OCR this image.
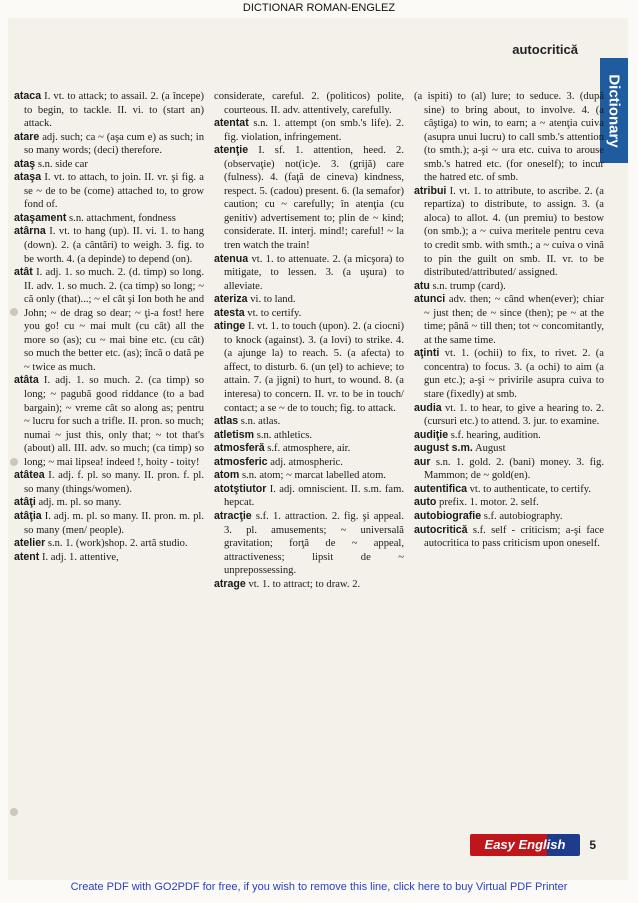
DICTIONAR ROMAN-ENGLEZ
autocritică
Dictionary

ataca I. vt. to attack; to assail. 2. (a începe) to begin, to tackle. II. vi. to (start an) attack.

atare adj. such; ca ~ (aşa cum e) as such; in so many words; (deci) therefore.

ataş s.n. side car

ataşa I. vt. to attach, to join. II. vr. şi fig. a se ~ de to be (come) attached to, to grow fond of.

ataşament s.n. attachment, fondness

atârna I. vt. to hang (up). II. vi. 1. to hang (down). 2. (a cântări) to weigh. 3. fig. to be worth. 4. (a depinde) to depend (on).

atât I. adj. 1. so much. 2. (d. timp) so long. II. adv. 1. so much. 2. (ca timp) so long; ~ că only (that)...; ~ el cât şi Ion both he and John; ~ de drag so dear; ~ ţi-a fost! here you go! cu ~ mai mult (cu cât) all the more so (as); cu ~ mai bine etc. (cu cât) so much the better etc. (as); încă o dată pe ~ twice as much.

atâta I. adj. 1. so much. 2. (ca timp) so long; ~ pagubă good riddance (to a bad bargain); ~ vreme cât so along as; pentru ~ lucru for such a trifle. II. pron. so much; numai ~ just this, only that; ~ tot that's (about) all. III. adv. so much; (ca timp) so long; ~ mai lipsea! indeed !, hoity - toity!

atâtea I. adj. f. pl. so many. II. pron. f. pl. so many (things/women).

atâţi adj. m. pl. so many.

atâţia I. adj. m. pl. so many. II. pron. m. pl. so many (men/ people).

atelier s.n. 1. (work)shop. 2. artă studio.

atent I. adj. 1. attentive,

considerate, careful. 2. (politicos) polite, courteous. II. adv. attentively, carefully.

atentat s.n. 1. attempt (on smb.'s life). 2. fig. violation, infringement.

atenţie I. sf. 1. attention, heed. 2. (observaţie) not(ic)e. 3. (grijă) care (fulness). 4. (faţă de cineva) kindness, respect. 5. (cadou) present. 6. (la semafor) caution; cu ~ carefully; în atenţia (cu genitiv) advertisement to; plin de ~ kind; considerate. II. interj. mind!; careful! ~ la tren watch the train!

atenua vt. 1. to attenuate. 2. (a micşora) to mitigate, to lessen. 3. (a uşura) to alleviate.

ateriza vi. to land.

atesta vt. to certify.

atinge I. vt. 1. to touch (upon). 2. (a ciocni) to knock (against). 3. (a lovi) to strike. 4. (a ajunge la) to reach. 5. (a afecta) to affect, to disturb. 6. (un ţel) to achieve; to attain. 7. (a jigni) to hurt, to wound. 8. (a interesa) to concern. II. vr. to be in touch/ contact; a se ~ de to touch; fig. to attack.

atlas s.n. atlas.

atletism s.n. athletics.

atmosferă s.f. atmosphere, air.

atmosferic adj. atmospheric.

atom s.n. atom; ~ marcat labelled atom.

atotştiutor I. adj. omniscient. II. s.m. fam. hepcat.

atracţie s.f. 1. attraction. 2. fig. şi appeal. 3. pl. amusements; ~ universală gravitation; forţă de ~ appeal, attractiveness; lipsit de ~ unprepossessing.

atrage vt. 1. to attract; to draw. 2.

(a ispiti) to (al) lure; to seduce. 3. (după sine) to bring about, to involve. 4. (a câştiga) to win, to earn; a ~ atenţia cuiva (asupra unui lucru) to call smb.'s attention (to smth.); a-şi ~ ura etc. cuiva to arouse smb.'s hatred etc. (for oneself); to incur the hatred etc. of smb.

atribui I. vt. 1. to attribute, to ascribe. 2. (a repartiza) to distribute, to assign. 3. (a aloca) to allot. 4. (un premiu) to bestow (on smb.); a ~ cuiva meritele pentru ceva to credit smb. with smth.; a ~ cuiva o vină to pin the guilt on smb. II. vr. to be distributed/attributed/ assigned.

atu s.n. trump (card).

atunci adv. then; ~ când when(ever); chiar ~ just then; de ~ since (then); pe ~ at the time; până ~ till then; tot ~ concomitantly, at the same time.

aţinti vt. 1. (ochii) to fix, to rivet. 2. (a concentra) to focus. 3. (a ochi) to aim (a gun etc.); a-şi ~ privirile asupra cuiva to stare (fixedly) at smb.

audia vt. 1. to hear, to give a hearing to. 2. (cursuri etc.) to attend. 3. jur. to examine.

audiţie s.f. hearing, audition.

august s.m. August

aur s.n. 1. gold. 2. (bani) money. 3. fig. Mammon; de ~ gold(en).

autentifica vt. to authenticate, to certify.

auto prefix. 1. motor. 2. self.

autobiografie s.f. autobiography.

autocritică s.f. self - criticism; a-şi face autocritica to pass criticism upon oneself.

Easy English	5
Create PDF with GO2PDF for free, if you wish to remove this line, click here to buy Virtual PDF Printer
